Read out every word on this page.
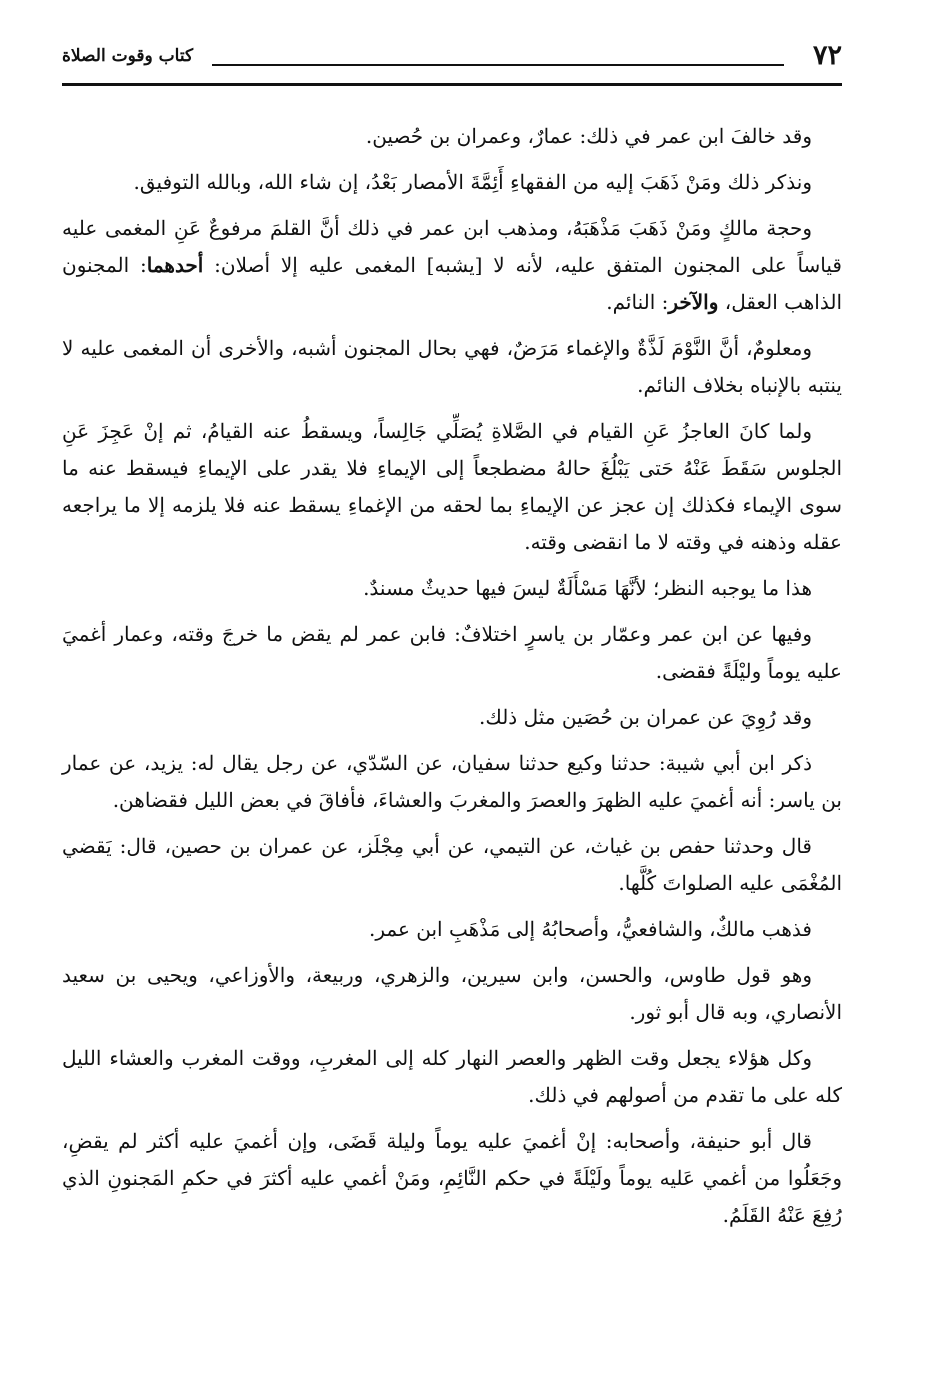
٧٢
كتاب وقوت الصلاة

وقد خالفَ ابن عمر في ذلك: عمارٌ، وعمران بن حُصين.

ونذكر ذلك ومَنْ ذَهَبَ إليه من الفقهاءِ أَئِمَّةَ الأمصار بَعْدُ، إن شاء الله، وبالله التوفيق.

وحجة مالكٍ ومَنْ ذَهَبَ مَذْهَبَهُ، ومذهب ابن عمر في ذلك أنَّ القلمَ مرفوعٌ عَنِ المغمى عليه قياساً على المجنون المتفق عليه، لأنه لا [يشبه] المغمى عليه إلا أصلان: أحدهما: المجنون الذاهب العقل، والآخر: النائم.

ومعلومٌ، أنَّ النَّوْمَ لَذَّةٌ والإغماء مَرَضٌ، فهي بحال المجنون أشبه، والأخرى أن المغمى عليه لا ينتبه بالإنباه بخلاف النائم.

ولما كانَ العاجزُ عَنِ القيام في الصَّلاةِ يُصَلِّي جَالِساً، ويسقطُ عنه القيامُ، ثم إنْ عَجِزَ عَنِ الجلوس سَقَطَ عَنْهُ حَتى يَبْلُغَ حالهُ مضطجعاً إلى الإيماءِ فلا يقدر على الإيماءِ فيسقط عنه ما سوى الإيماء فكذلك إن عجز عن الإيماءِ بما لحقه من الإغماءِ يسقط عنه فلا يلزمه إلا ما يراجعه عقله وذهنه في وقته لا ما انقضى وقته.

هذا ما يوجبه النظر؛ لأنَّهَا مَسْأَلَةٌ ليسَ فيها حديثٌ مسندٌ.

وفيها عن ابن عمر وعمّار بن ياسرٍ اختلافٌ: فابن عمر لم يقض ما خرجَ وقته، وعمار أغميَ عليه يوماً وليْلَةً فقضى.

وقد رُوِيَ عن عمران بن حُصَين مثل ذلك.

ذكر ابن أبي شيبة: حدثنا وكيع حدثنا سفيان، عن السّدّي، عن رجل يقال له: يزيد، عن عمار بن ياسر: أنه أغميَ عليه الظهرَ والعصرَ والمغربَ والعشاءَ، فأفاقَ في بعض الليل فقضاهن.

قال وحدثنا حفص بن غياث، عن التيمي، عن أبي مِجْلَز، عن عمران بن حصين، قال: يَقضي المُغْمَى عليه الصلواتَ كُلَّها.

فذهب مالكٌ، والشافعيُّ، وأصحابُهُ إلى مَذْهَبِ ابن عمر.

وهو قول طاوس، والحسن، وابن سيرين، والزهري، وربيعة، والأوزاعي، ويحيى بن سعيد الأنصاري، وبه قال أبو ثور.

وكل هؤلاء يجعل وقت الظهر والعصر النهار كله إلى المغربِ، ووقت المغرب والعشاء الليل كله على ما تقدم من أصولهم في ذلك.

قال أبو حنيفة، وأصحابه: إنْ أغميَ عليه يوماً وليلة قَضَى، وإن أغميَ عليه أكثر لم يقضِ، وجَعَلُوا من أغمي عَليه يوماً ولَيْلَةً في حكم النَّائِمِ، ومَنْ أغمي عليه أكثرَ في حكمِ المَجنونِ الذي رُفِعَ عَنْهُ القَلَمُ.
